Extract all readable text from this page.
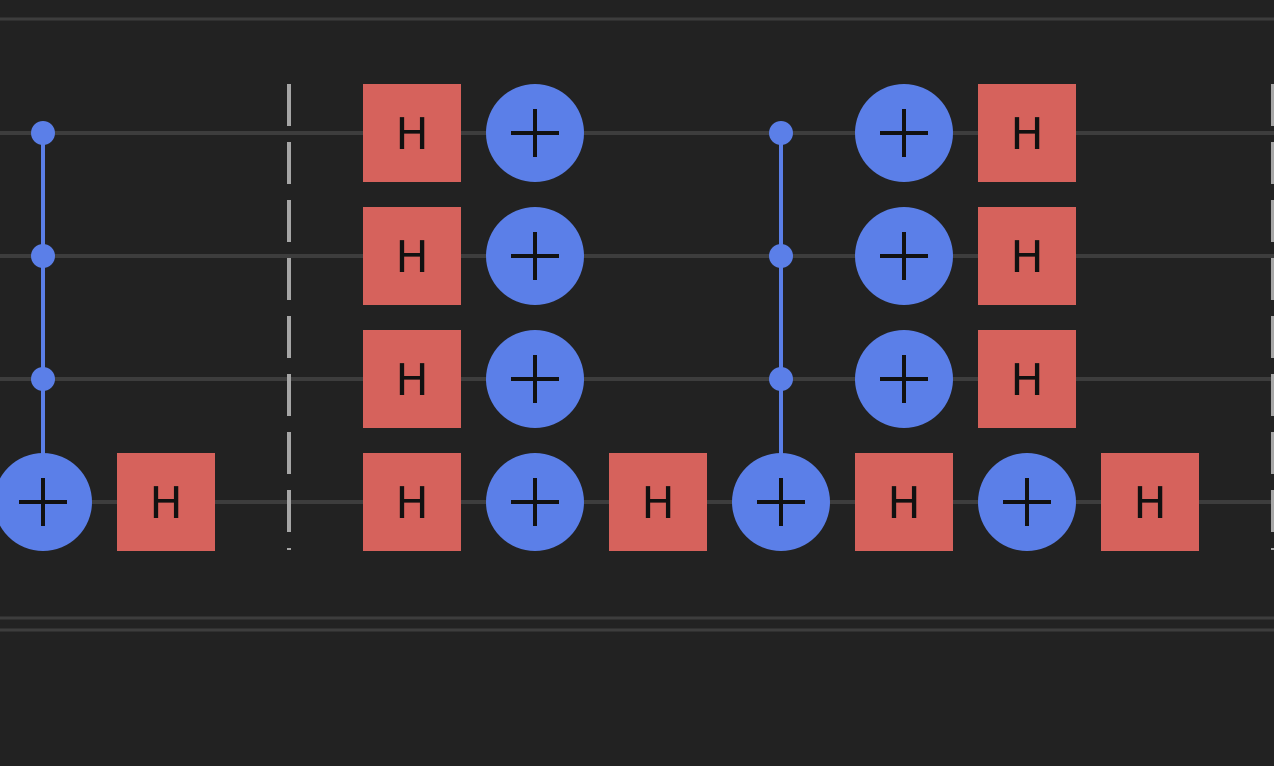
H
H
H
H
H	H	H
H
H
H
H
